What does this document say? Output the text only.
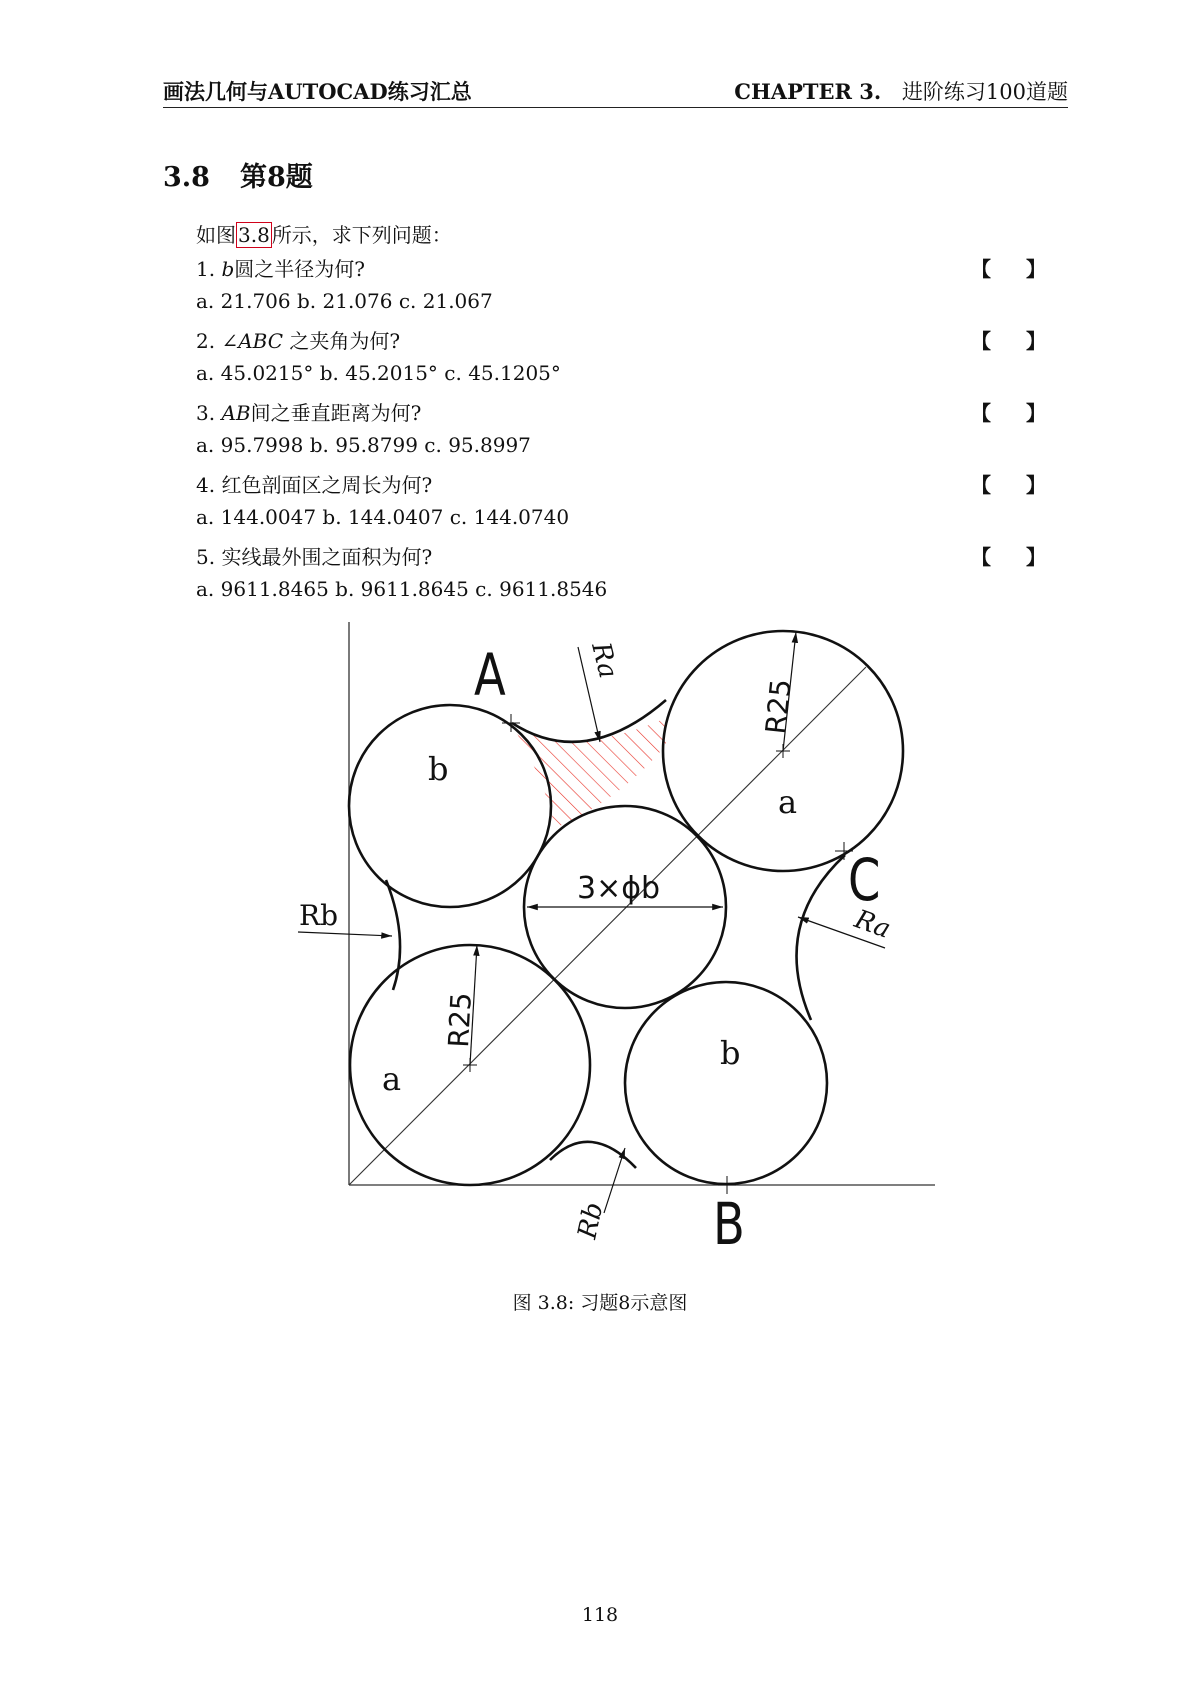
画法几何与AUTOCAD练习汇总	CHAPTER 3. 进阶练习100道题
3.8 第8题
如图 3.8 所示，求下列问题：
1. b圆之半径为何?	【 】
a. 21.706 b. 21.076 c. 21.067
2. ∠ABC 之夹角为何?	【 】
a. 45.0215° b. 45.2015° c. 45.1205°
3. AB间之垂直距离为何?	【 】
a. 95.7998 b. 95.8799 c. 95.8997
4. 红色剖面区之周长为何?	【 】
a. 144.0047 b. 144.0407 c. 144.0740
5. 实线最外围之面积为何?	【 】
a. 9611.8465 b. 9611.8645 c. 9611.8546
A
C
B
b
a
a
b
3×ϕb
R25
R25
Ra
Rb	Ra
Rb
图 3.8: 习题8示意图
118
